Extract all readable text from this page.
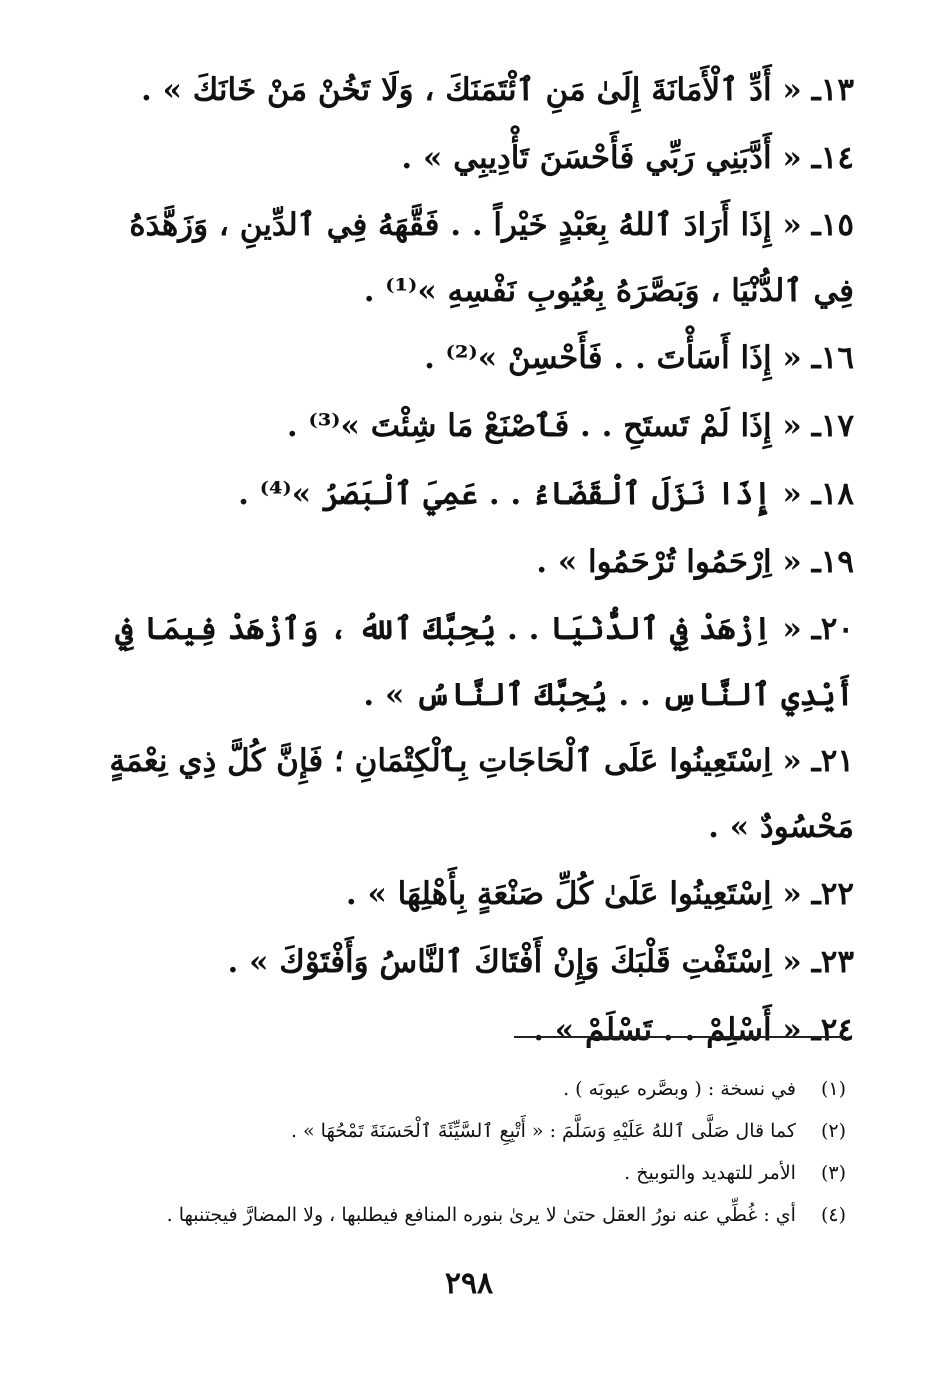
١٣ـ « أَدِّ ٱلْأَمَانَةَ إِلَىٰ مَنِ ٱئْتَمَنَكَ ، وَلَا تَخُنْ مَنْ خَانَكَ » .
١٤ـ « أَدَّبَنِي رَبِّي فَأَحْسَنَ تَأْدِيبِي » .
١٥ـ « إِذَا أَرَادَ ٱللهُ بِعَبْدٍ خَيْراً . . فَقَّهَهُ فِي ٱلدِّينِ ، وَزَهَّدَهُ فِي ٱلدُّنْيَا ، وَبَصَّرَهُ بِعُيُوبِ نَفْسِهِ »⁽¹⁾ .
١٦ـ « إِذَا أَسَأْتَ . . فَأَحْسِنْ »⁽²⁾ .
١٧ـ « إِذَا لَمْ تَستَحِ . . فَٱصْنَعْ مَا شِئْتَ »⁽³⁾ .
١٨ـ « إِذَا نَزَلَ ٱلْقَضَاءُ . . عَمِيَ ٱلْبَصَرُ »⁽⁴⁾ .
١٩ـ « اِرْحَمُوا تُرْحَمُوا » .
٢٠ـ « اِزْهَدْ فِي ٱلدُّنْيَا . . يُحِبَّكَ ٱللهُ ، وَٱزْهَدْ فِيمَا فِي أَيْدِي ٱلنَّاسِ . . يُحِبَّكَ ٱلنَّاسُ » .
٢١ـ « اِسْتَعِينُوا عَلَى ٱلْحَاجَاتِ بِٱلْكِتْمَانِ ؛ فَإِنَّ كُلَّ ذِي نِعْمَةٍ مَحْسُودٌ » .
٢٢ـ « اِسْتَعِينُوا عَلَىٰ كُلِّ صَنْعَةٍ بِأَهْلِهَا » .
٢٣ـ « اِسْتَفْتِ قَلْبَكَ وَإِنْ أَفْتَاكَ ٱلنَّاسُ وَأَفْتَوْكَ » .
٢٤ـ « أَسْلِمْ . . تَسْلَمْ » .
(١) في نسخة : ( وبصَّره عيوبَه ) .
(٢) كما قال صَلَّى ٱللهُ عَلَيْهِ وَسَلَّمَ : « أَتْبِعِ ٱلسَّيِّئَةَ ٱلْحَسَنَةَ تَمْحُهَا » .
(٣) الأمر للتهديد والتوبيخ .
(٤) أي : غُطِّي عنه نورُ العقل حتىٰ لا يرىٰ بنوره المنافع فيطلبها ، ولا المضارَّ فيجتنبها .
٢٩٨
